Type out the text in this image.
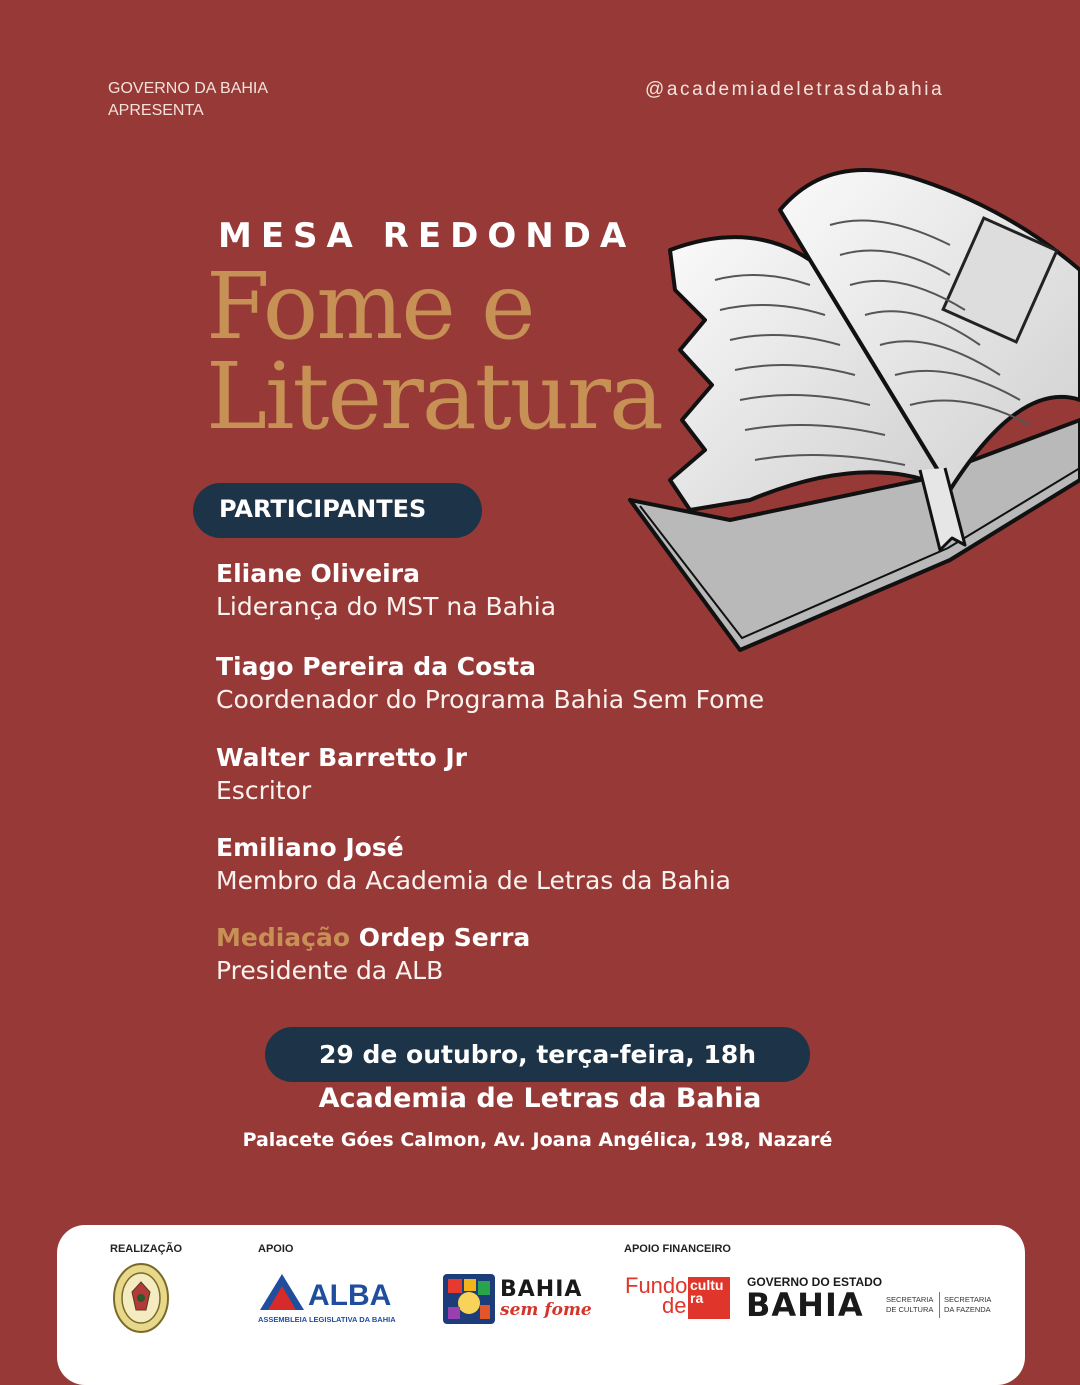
GOVERNO DA BAHIA
APRESENTA
@academiadeletrasdabahia
MESA REDONDA
Fome e
Literatura
PARTICIPANTES
Eliane Oliveira
Liderança do MST na Bahia
Tiago Pereira da Costa
Coordenador do Programa Bahia Sem Fome
Walter Barretto Jr
Escritor
Emiliano José
Membro da Academia de Letras da Bahia
Mediação Ordep Serra
Presidente da ALB
29 de outubro, terça-feira, 18h
Academia de Letras da Bahia
Palacete Góes Calmon, Av. Joana Angélica, 198, Nazaré
REALIZAÇÃO	APOIO	APOIO FINANCEIRO
ALBA
ASSEMBLEIA LEGISLATIVA DA BAHIA
BAHIA
sem fome
Fundo
de
cultura
GOVERNO DO ESTADO
BAHIA	SECRETARIA
DE CULTURA
SECRETARIA
DA FAZENDA
